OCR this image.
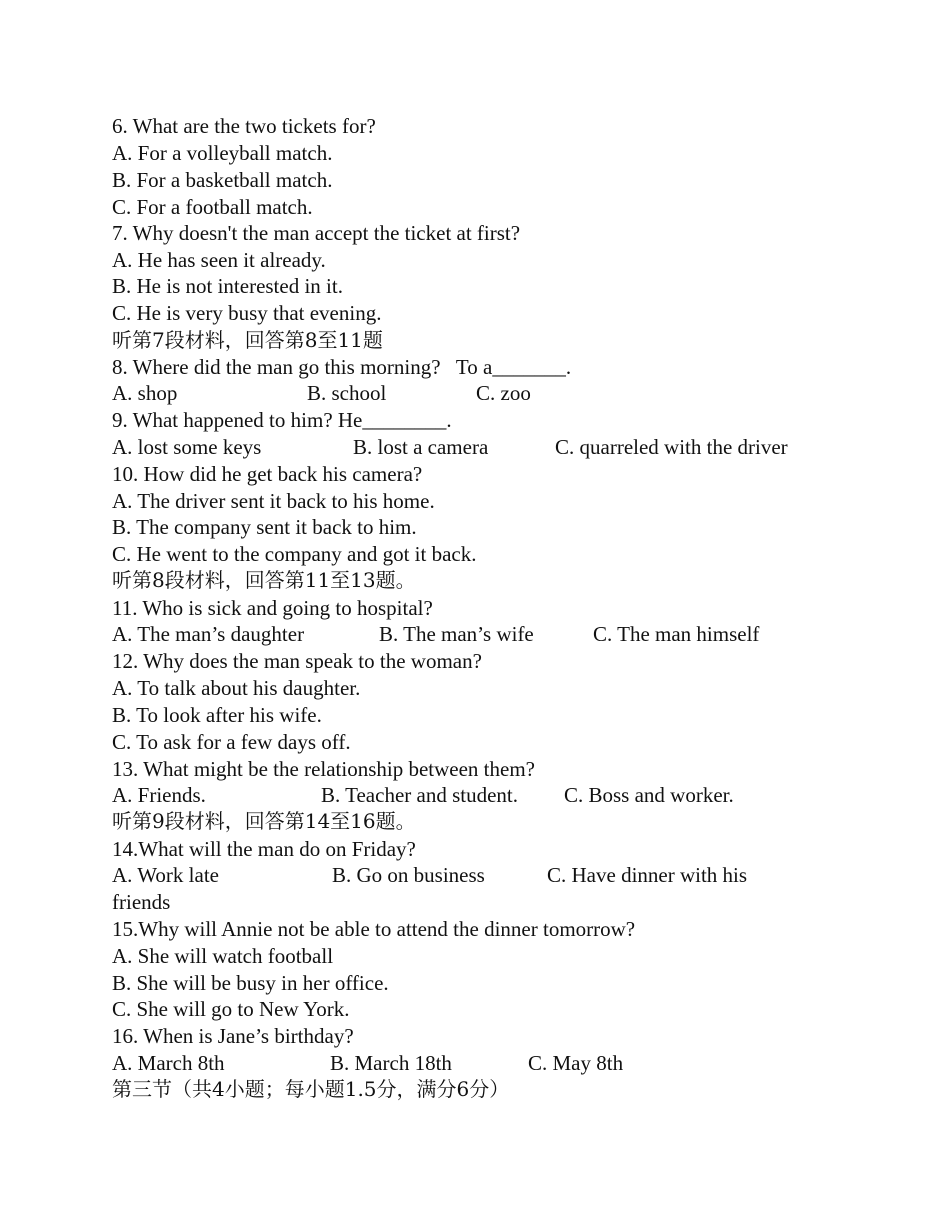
6. What are the two tickets for?
A. For a volleyball match.
B. For a basketball match.
C. For a football match.
7. Why doesn't the man accept the ticket at first?
A. He has seen it already.
B. He is not interested in it.
C. He is very busy that evening.
听第7段材料，回答第8至11题
8. Where did the man go this morning?   To a_______.

A. shop

	B. school

	C. zoo

9. What happened to him? He________.

A. lost some keys

	B. lost a camera

	C. quarreled with the driver

10. How did he get back his camera?
A. The driver sent it back to his home.
B. The company sent it back to him.
C. He went to the company and got it back.
听第8段材料，回答第11至13题。
11. Who is sick and going to hospital?

A. The man’s daughter

	B. The man’s wife

	C. The man himself

12. Why does the man speak to the woman?
A. To talk about his daughter.
B. To look after his wife.
C. To ask for a few days off.
13. What might be the relationship between them?

A. Friends.

	B. Teacher and student.

C. Boss and worker.

听第9段材料，回答第14至16题。
14.What will the man do on Friday?

A. Work late

	B. Go on business

	C. Have dinner with his

friends
15.Why will Annie not be able to attend the dinner tomorrow?
A. She will watch football
B. She will be busy in her office.
C. She will go to New York.
16. When is Jane’s birthday?

A. March 8th

	B. March 18th

	C. May 8th

第三节（共4小题；每小题1.5分，满分6分）
